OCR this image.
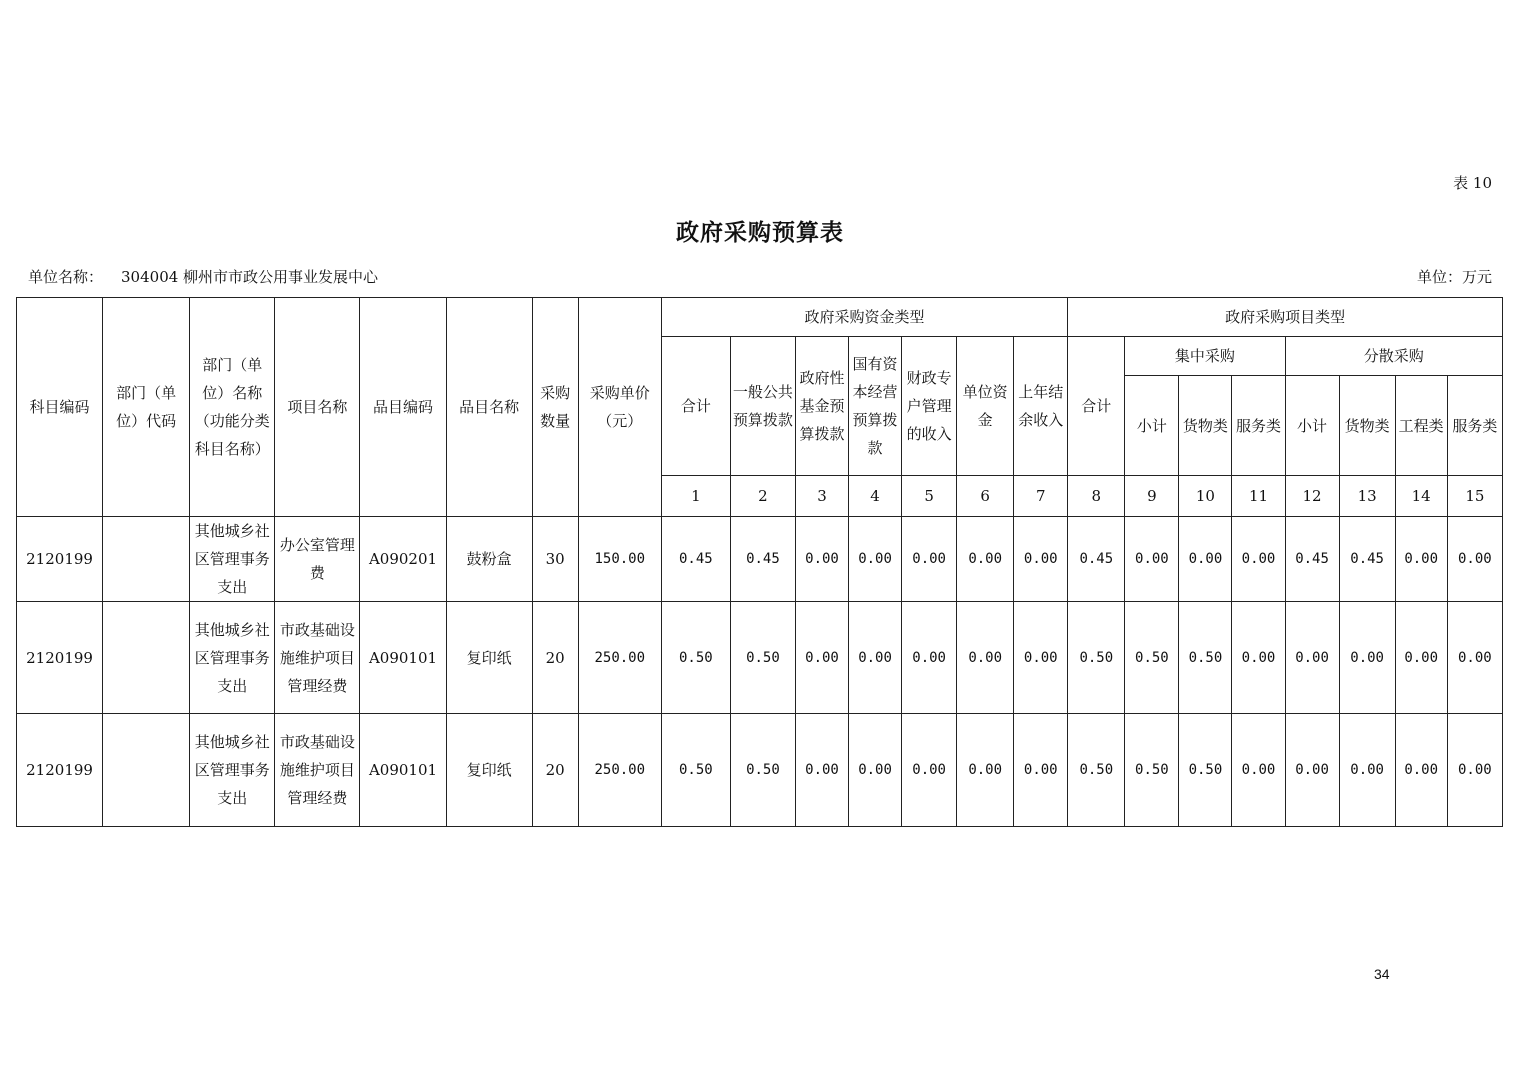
表 10
政府采购预算表
单位名称： 304004 柳州市市政公用事业发展中心	单位：万元
科目编码	部门（单位）代码	部门（单位）名称（功能分类科目名称）	项目名称	品目编码	品目名称	采购数量	采购单价（元）	政府采购资金类型							政府采购项目类型							
								合计	一般公共预算拨款	政府性基金预算拨款	国有资本经营预算拨款	财政专户管理的收入	单位资金	上年结余收入	合计	集中采购			分散采购			
																小计	货物类	服务类	小计	货物类	工程类	服务类
								1	2	3	4	5	6	7	8	9	10	11	12	13	14	15
2120199		其他城乡社区管理事务支出	办公室管理费	A090201	鼓粉盒	30	150.00	0.45	0.45	0.00	0.00	0.00	0.00	0.00	0.45	0.00	0.00	0.00	0.45	0.45	0.00	0.00
2120199		其他城乡社区管理事务支出	市政基础设施维护项目管理经费	A090101	复印纸	20	250.00	0.50	0.50	0.00	0.00	0.00	0.00	0.00	0.50	0.50	0.50	0.00	0.00	0.00	0.00	0.00
2120199		其他城乡社区管理事务支出	市政基础设施维护项目管理经费	A090101	复印纸	20	250.00	0.50	0.50	0.00	0.00	0.00	0.00	0.00	0.50	0.50	0.50	0.00	0.00	0.00	0.00	0.00
34
